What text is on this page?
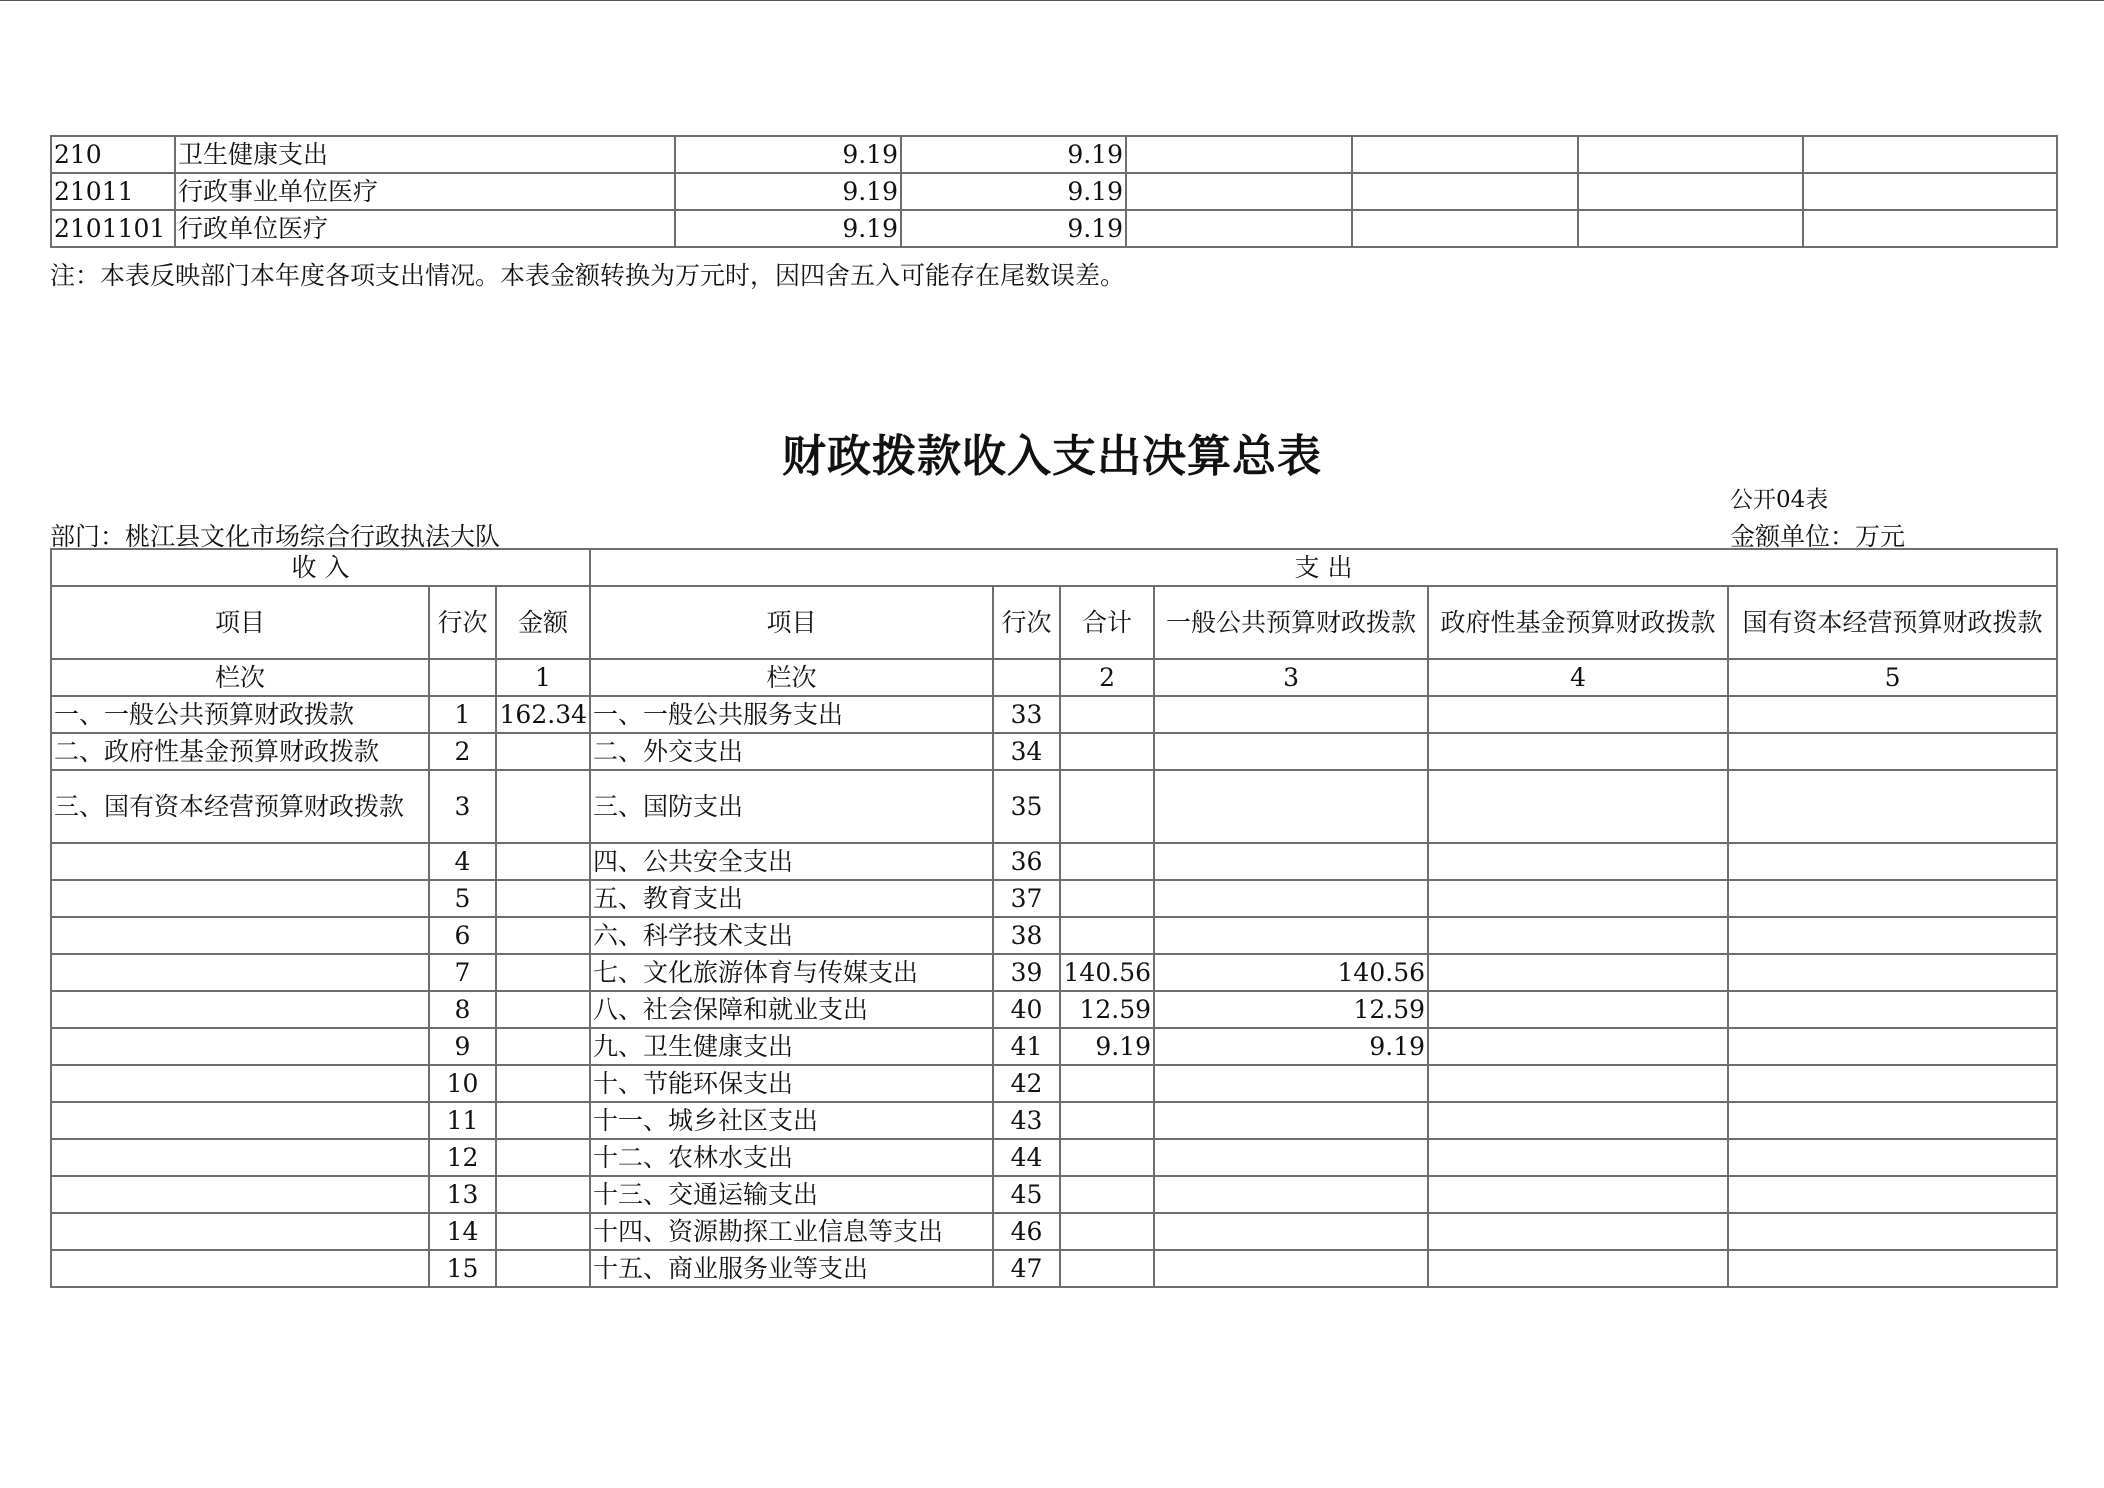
210	卫生健康支出	9.19	9.19				
21011	行政事业单位医疗	9.19	9.19				
2101101	行政单位医疗	9.19	9.19				
注：本表反映部门本年度各项支出情况。本表金额转换为万元时，因四舍五入可能存在尾数误差。
财政拨款收入支出决算总表
公开04表
部门：桃江县文化市场综合行政执法大队	金额单位：万元
收 入			支 出					
项目	行次	金额	项目	行次	合计	一般公共预算财政拨款	政府性基金预算财政拨款	国有资本经营预算财政拨款
栏次		1	栏次		2	3	4	5
一、一般公共预算财政拨款	1	162.34	一、一般公共服务支出	33				
二、政府性基金预算财政拨款	2		二、外交支出	34				
三、国有资本经营预算财政拨款	3		三、国防支出	35				
	4		四、公共安全支出	36				
	5		五、教育支出	37				
	6		六、科学技术支出	38				
	7		七、文化旅游体育与传媒支出	39	140.56	140.56		
	8		八、社会保障和就业支出	40	12.59	12.59		
	9		九、卫生健康支出	41	9.19	9.19		
	10		十、节能环保支出	42				
	11		十一、城乡社区支出	43				
	12		十二、农林水支出	44				
	13		十三、交通运输支出	45				
	14		十四、资源勘探工业信息等支出	46				
	15		十五、商业服务业等支出	47				
